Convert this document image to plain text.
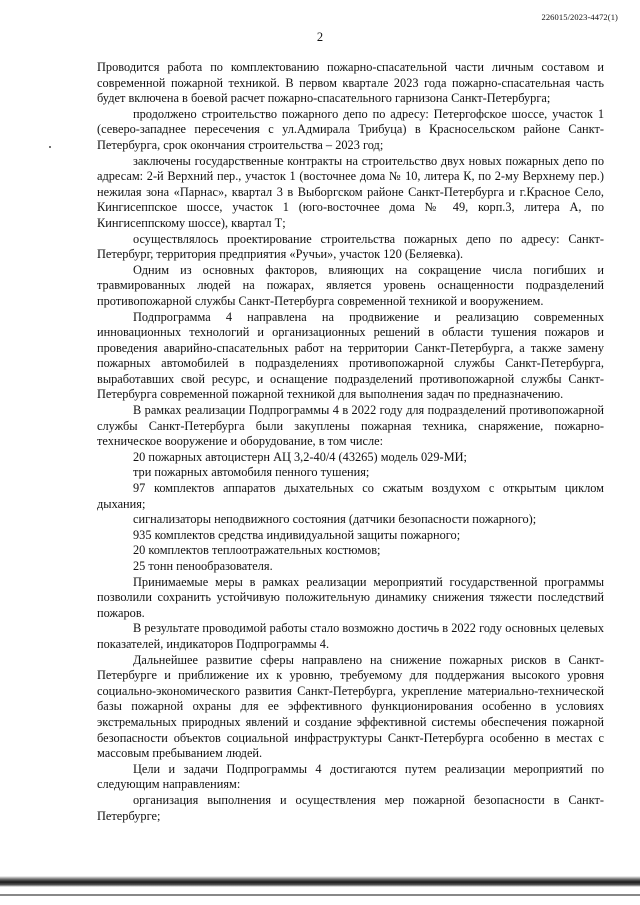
226015/2023-4472(1)
2

Проводится работа по комплектованию пожарно-спасательной части личным составом и современной пожарной техникой. В первом квартале 2023 года пожарно-спасательная часть будет включена в боевой расчет пожарно-спасательного гарнизона Санкт-Петербурга;

продолжено строительство пожарного депо по адресу: Петергофское шоссе, участок 1 (северо-западнее пересечения с ул.Адмирала Трибуца) в Красносельском районе Санкт-Петербурга, срок окончания строительства – 2023 год;

заключены государственные контракты на строительство двух новых пожарных депо по адресам: 2-й Верхний пер., участок 1 (восточнее дома № 10, литера К, по 2-му Верхнему пер.) нежилая зона «Парнас», квартал 3 в Выборгском районе Санкт-Петербурга и г.Красное Село, Кингисеппское шоссе, участок 1 (юго-восточнее дома № 49, корп.3, литера А, по Кингисеппскому шоссе), квартал Т;

осуществлялось проектирование строительства пожарных депо по адресу: Санкт-Петербург, территория предприятия «Ручьи», участок 120 (Беляевка).

Одним из основных факторов, влияющих на сокращение числа погибших и травмированных людей на пожарах, является уровень оснащенности подразделений противопожарной службы Санкт-Петербурга современной техникой и вооружением.

Подпрограмма 4 направлена на продвижение и реализацию современных инновационных технологий и организационных решений в области тушения пожаров и проведения аварийно-спасательных работ на территории Санкт-Петербурга, а также замену пожарных автомобилей в подразделениях противопожарной службы Санкт-Петербурга, выработавших свой ресурс, и оснащение подразделений противопожарной службы Санкт-Петербурга современной пожарной техникой для выполнения задач по предназначению.

В рамках реализации Подпрограммы 4 в 2022 году для подразделений противопожарной службы Санкт-Петербурга были закуплены пожарная техника, снаряжение, пожарно-техническое вооружение и оборудование, в том числе:

20 пожарных автоцистерн АЦ 3,2-40/4 (43265) модель 029-МИ;

три пожарных автомобиля пенного тушения;

97 комплектов аппаратов дыхательных со сжатым воздухом с открытым циклом дыхания;

сигнализаторы неподвижного состояния (датчики безопасности пожарного);

935 комплектов средства индивидуальной защиты пожарного;

20 комплектов теплоотражательных костюмов;

25 тонн пенообразователя.

Принимаемые меры в рамках реализации мероприятий государственной программы позволили сохранить устойчивую положительную динамику снижения тяжести последствий пожаров.

В результате проводимой работы стало возможно достичь в 2022 году основных целевых показателей, индикаторов Подпрограммы 4.

Дальнейшее развитие сферы направлено на снижение пожарных рисков в Санкт-Петербурге и приближение их к уровню, требуемому для поддержания высокого уровня социально-экономического развития Санкт-Петербурга, укрепление материально-технической базы пожарной охраны для ее эффективного функционирования особенно в условиях экстремальных природных явлений и создание эффективной системы обеспечения пожарной безопасности объектов социальной инфраструктуры Санкт-Петербурга особенно в местах с массовым пребыванием людей.

Цели и задачи Подпрограммы 4 достигаются путем реализации мероприятий по следующим направлениям:

организация выполнения и осуществления мер пожарной безопасности в Санкт-Петербурге;
